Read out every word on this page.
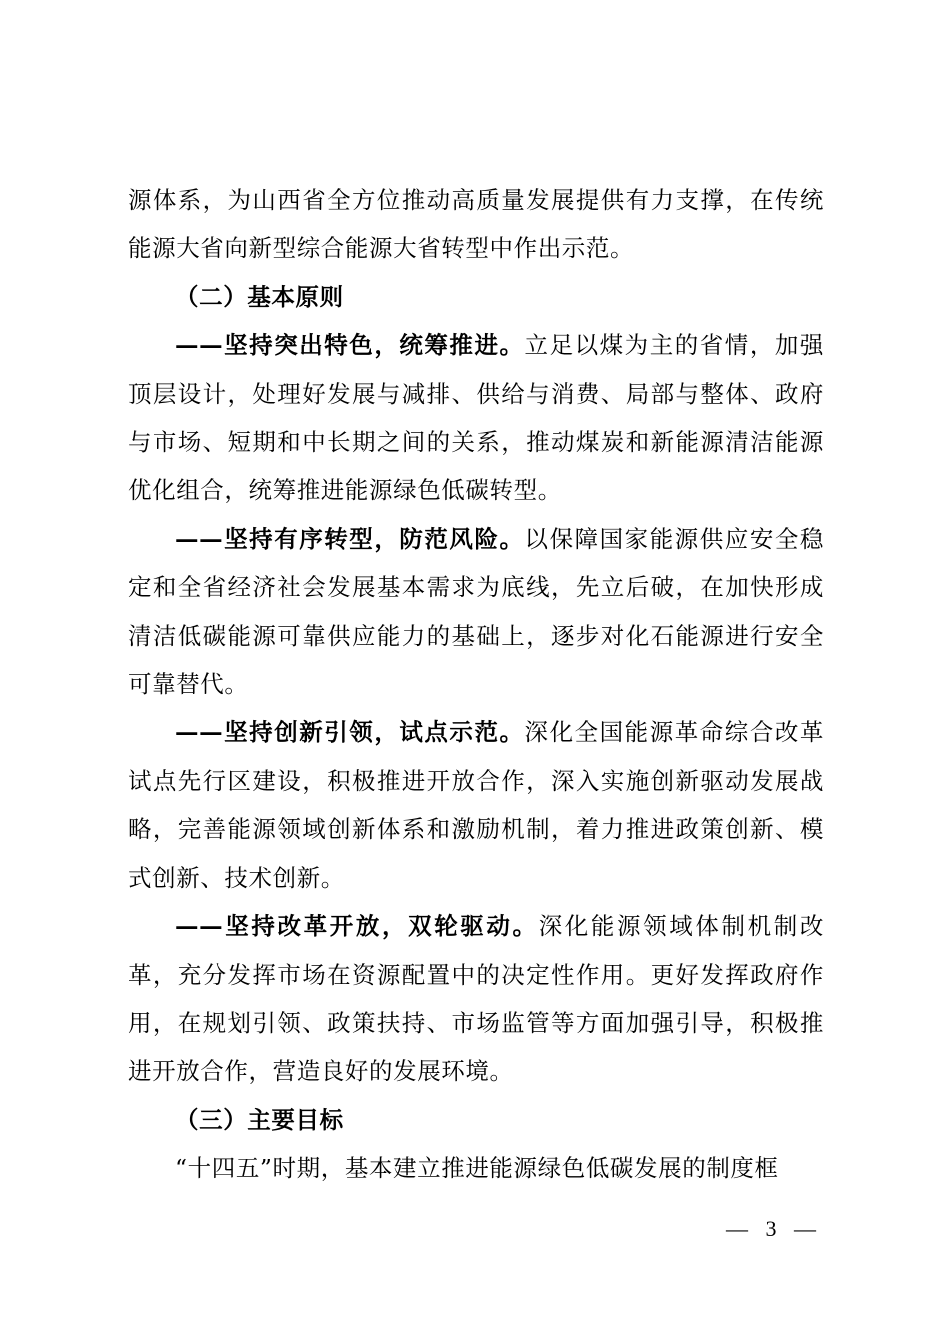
源体系，为山西省全方位推动高质量发展提供有力支撑，在传统能源大省向新型综合能源大省转型中作出示范。

（二）基本原则

——坚持突出特色，统筹推进。立足以煤为主的省情，加强顶层设计，处理好发展与减排、供给与消费、局部与整体、政府与市场、短期和中长期之间的关系，推动煤炭和新能源清洁能源优化组合，统筹推进能源绿色低碳转型。

——坚持有序转型，防范风险。以保障国家能源供应安全稳定和全省经济社会发展基本需求为底线，先立后破，在加快形成清洁低碳能源可靠供应能力的基础上，逐步对化石能源进行安全可靠替代。

——坚持创新引领，试点示范。深化全国能源革命综合改革试点先行区建设，积极推进开放合作，深入实施创新驱动发展战略，完善能源领域创新体系和激励机制，着力推进政策创新、模式创新、技术创新。

——坚持改革开放，双轮驱动。深化能源领域体制机制改革，充分发挥市场在资源配置中的决定性作用。更好发挥政府作用，在规划引领、政策扶持、市场监管等方面加强引导，积极推进开放合作，营造良好的发展环境。

（三）主要目标

“十四五”时期，基本建立推进能源绿色低碳发展的制度框

— 3 —
